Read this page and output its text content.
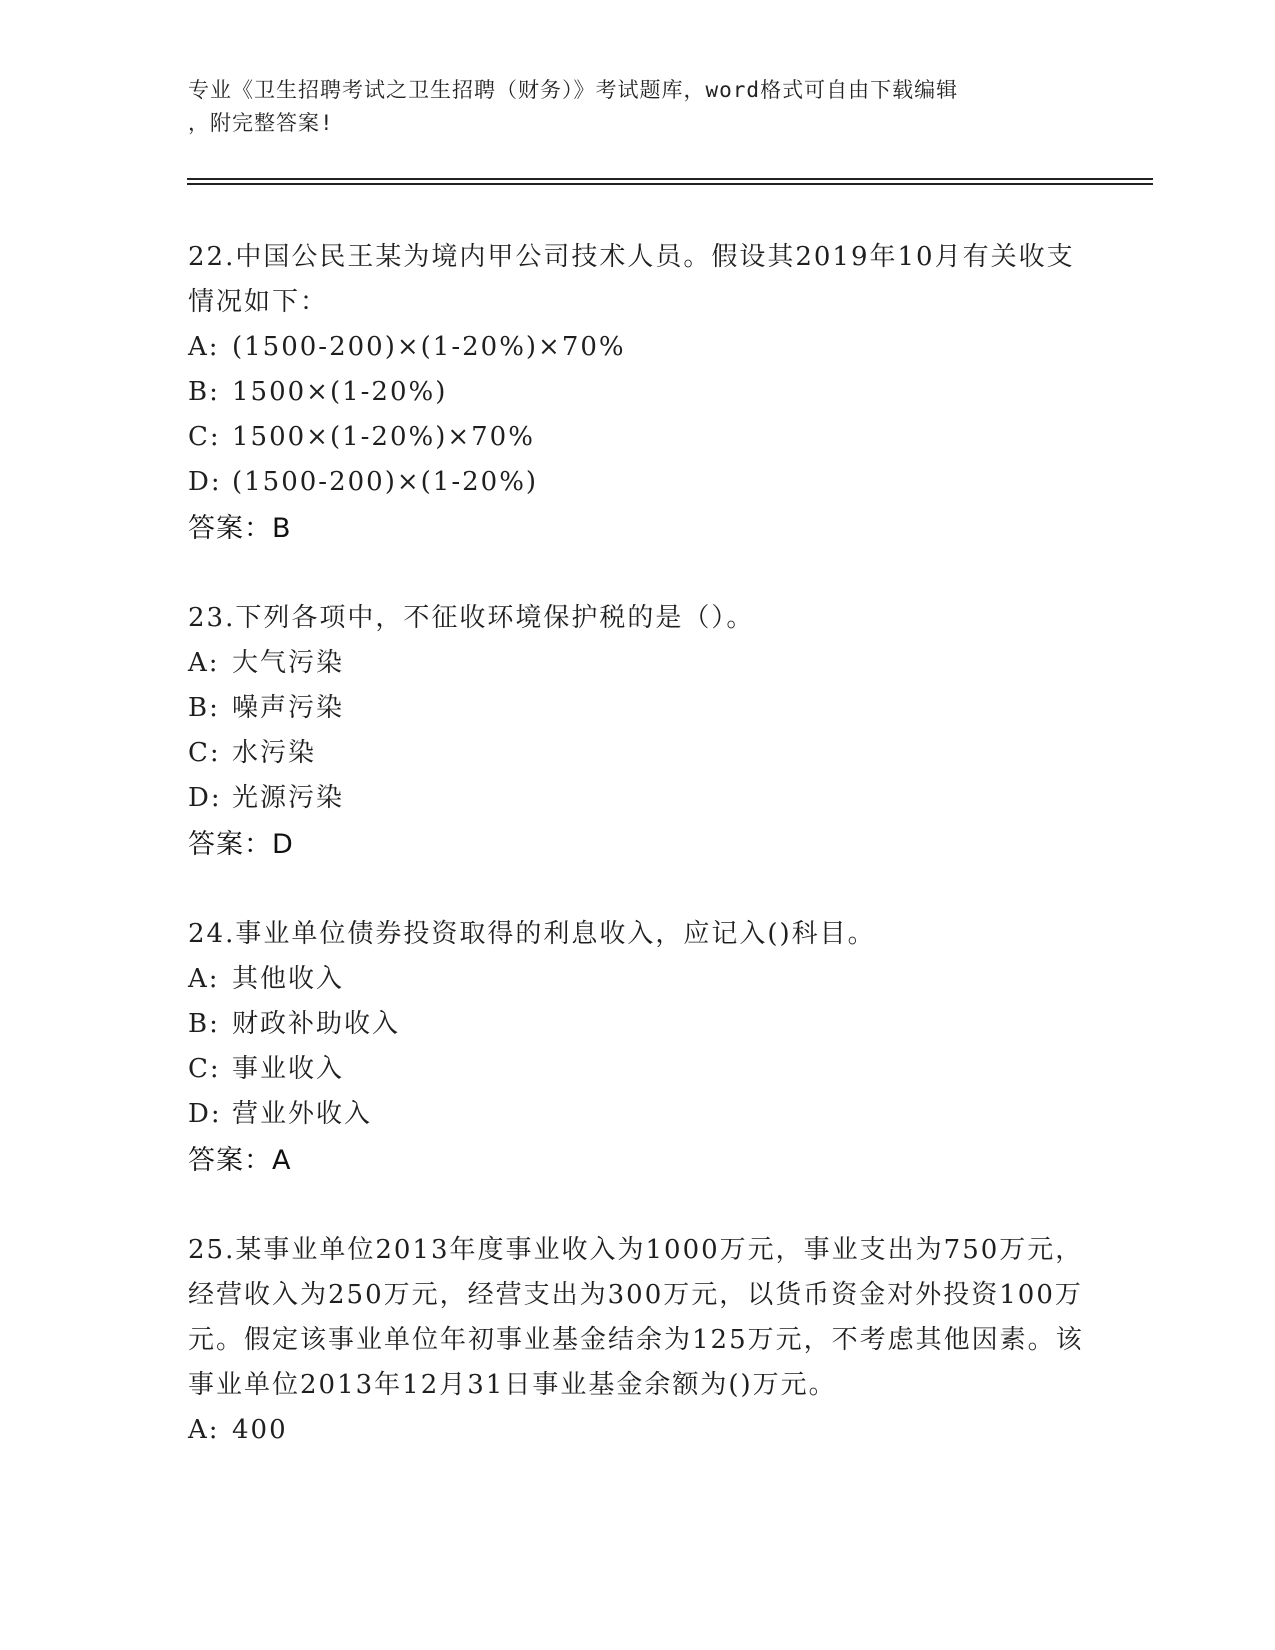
专业《卫生招聘考试之卫生招聘（财务）》考试题库，word格式可自由下载编辑
，附完整答案!
22.中国公民王某为境内甲公司技术人员。假设其2019年10月有关收支情况如下：
A: (1500-200)×(1-20%)×70%
B: 1500×(1-20%)
C: 1500×(1-20%)×70%
D: (1500-200)×(1-20%)
答案：B
23.下列各项中，不征收环境保护税的是（）。
A: 大气污染
B: 噪声污染
C: 水污染
D: 光源污染
答案：D
24.事业单位债券投资取得的利息收入，应记入()科目。
A: 其他收入
B: 财政补助收入
C: 事业收入
D: 营业外收入
答案：A
25.某事业单位2013年度事业收入为1000万元，事业支出为750万元，经营收入为250万元，经营支出为300万元，以货币资金对外投资100万元。假定该事业单位年初事业基金结余为125万元，不考虑其他因素。该事业单位2013年12月31日事业基金余额为()万元。
A: 400
